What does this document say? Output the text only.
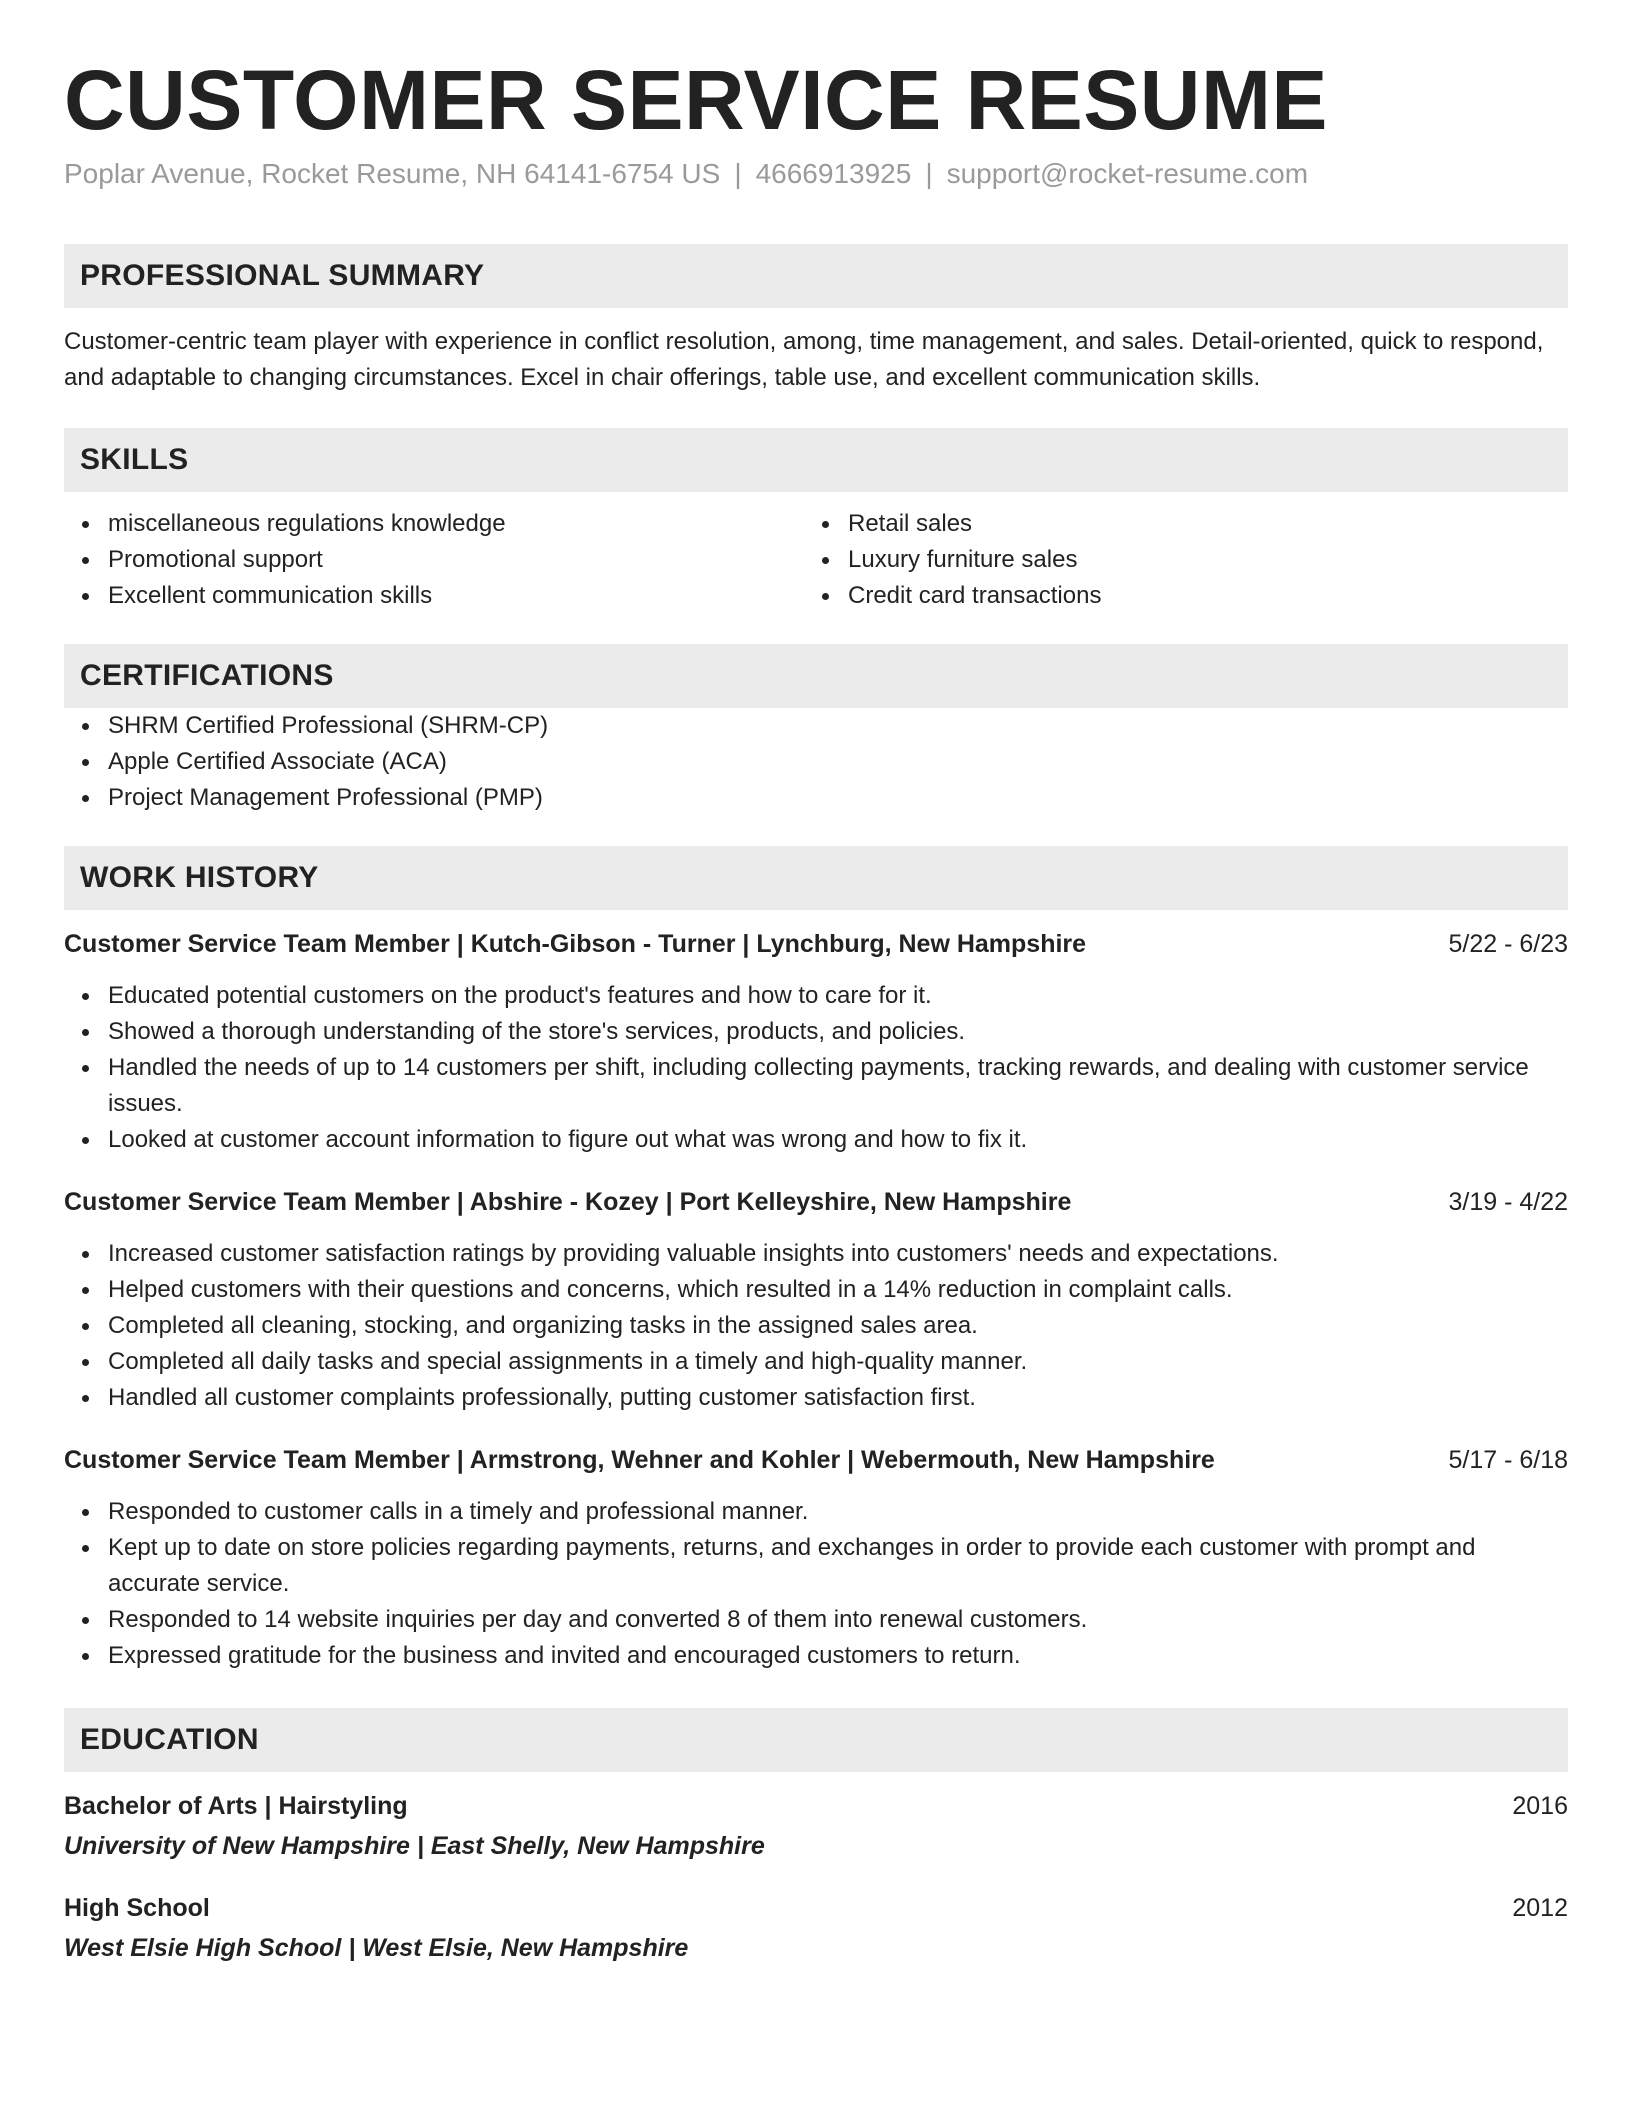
CUSTOMER SERVICE RESUME
Poplar Avenue, Rocket Resume, NH 64141-6754 US | 4666913925 | support@rocket-resume.com
PROFESSIONAL SUMMARY
Customer-centric team player with experience in conflict resolution, among, time management, and sales. Detail-oriented, quick to respond, and adaptable to changing circumstances. Excel in chair offerings, table use, and excellent communication skills.
SKILLS
miscellaneous regulations knowledge
Promotional support
Excellent communication skills
Retail sales
Luxury furniture sales
Credit card transactions
CERTIFICATIONS
SHRM Certified Professional (SHRM-CP)
Apple Certified Associate (ACA)
Project Management Professional (PMP)
WORK HISTORY
Customer Service Team Member | Kutch-Gibson - Turner | Lynchburg, New Hampshire	5/22 - 6/23
Educated potential customers on the product's features and how to care for it.
Showed a thorough understanding of the store's services, products, and policies.
Handled the needs of up to 14 customers per shift, including collecting payments, tracking rewards, and dealing with customer service issues.
Looked at customer account information to figure out what was wrong and how to fix it.
Customer Service Team Member | Abshire - Kozey | Port Kelleyshire, New Hampshire	3/19 - 4/22
Increased customer satisfaction ratings by providing valuable insights into customers' needs and expectations.
Helped customers with their questions and concerns, which resulted in a 14% reduction in complaint calls.
Completed all cleaning, stocking, and organizing tasks in the assigned sales area.
Completed all daily tasks and special assignments in a timely and high-quality manner.
Handled all customer complaints professionally, putting customer satisfaction first.
Customer Service Team Member | Armstrong, Wehner and Kohler | Webermouth, New Hampshire	5/17 - 6/18
Responded to customer calls in a timely and professional manner.
Kept up to date on store policies regarding payments, returns, and exchanges in order to provide each customer with prompt and accurate service.
Responded to 14 website inquiries per day and converted 8 of them into renewal customers.
Expressed gratitude for the business and invited and encouraged customers to return.
EDUCATION
Bachelor of Arts | Hairstyling	2016
University of New Hampshire | East Shelly, New Hampshire
High School	2012
West Elsie High School | West Elsie, New Hampshire
